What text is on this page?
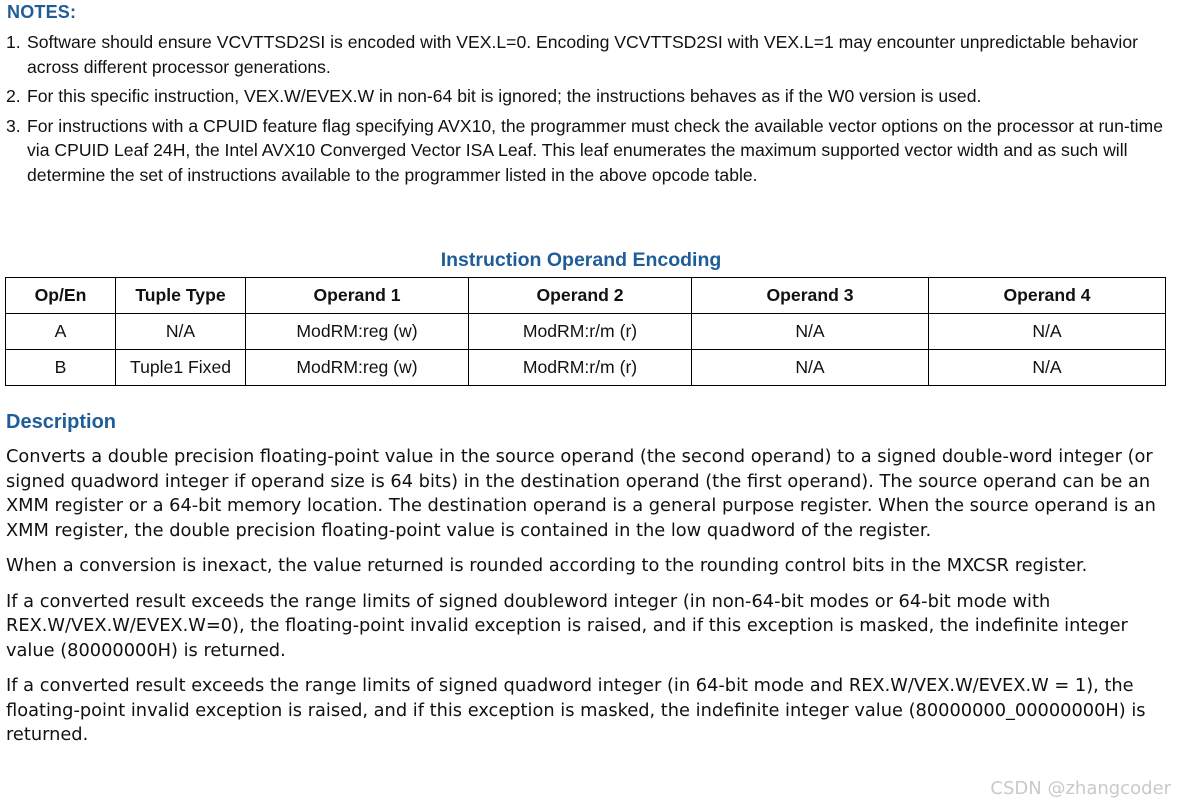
NOTES:
1. Software should ensure VCVTTSD2SI is encoded with VEX.L=0. Encoding VCVTTSD2SI with VEX.L=1 may encounter unpredictable behavior across different processor generations.
2. For this specific instruction, VEX.W/EVEX.W in non-64 bit is ignored; the instructions behaves as if the W0 version is used.
3. For instructions with a CPUID feature flag specifying AVX10, the programmer must check the available vector options on the processor at run-time via CPUID Leaf 24H, the Intel AVX10 Converged Vector ISA Leaf. This leaf enumerates the maximum supported vector width and as such will determine the set of instructions available to the programmer listed in the above opcode table.
Instruction Operand Encoding
Op/En	Tuple Type	Operand 1	Operand 2	Operand 3	Operand 4
A	N/A	ModRM:reg (w)	ModRM:r/m (r)	N/A	N/A
B	Tuple1 Fixed	ModRM:reg (w)	ModRM:r/m (r)	N/A	N/A
Description

Converts a double precision floating-point value in the source operand (the second operand) to a signed double-word integer (or signed quadword integer if operand size is 64 bits) in the destination operand (the first operand). The source operand can be an XMM register or a 64-bit memory location. The destination operand is a general purpose register. When the source operand is an XMM register, the double precision floating-point value is contained in the low quadword of the register.

When a conversion is inexact, the value returned is rounded according to the rounding control bits in the MXCSR register.

If a converted result exceeds the range limits of signed doubleword integer (in non-64-bit modes or 64-bit mode with REX.W/VEX.W/EVEX.W=0), the floating-point invalid exception is raised, and if this exception is masked, the indefinite integer value (80000000H) is returned.

If a converted result exceeds the range limits of signed quadword integer (in 64-bit mode and REX.W/VEX.W/EVEX.W = 1), the floating-point invalid exception is raised, and if this exception is masked, the indefinite integer value (80000000_00000000H) is returned.

CSDN @zhangcoder
